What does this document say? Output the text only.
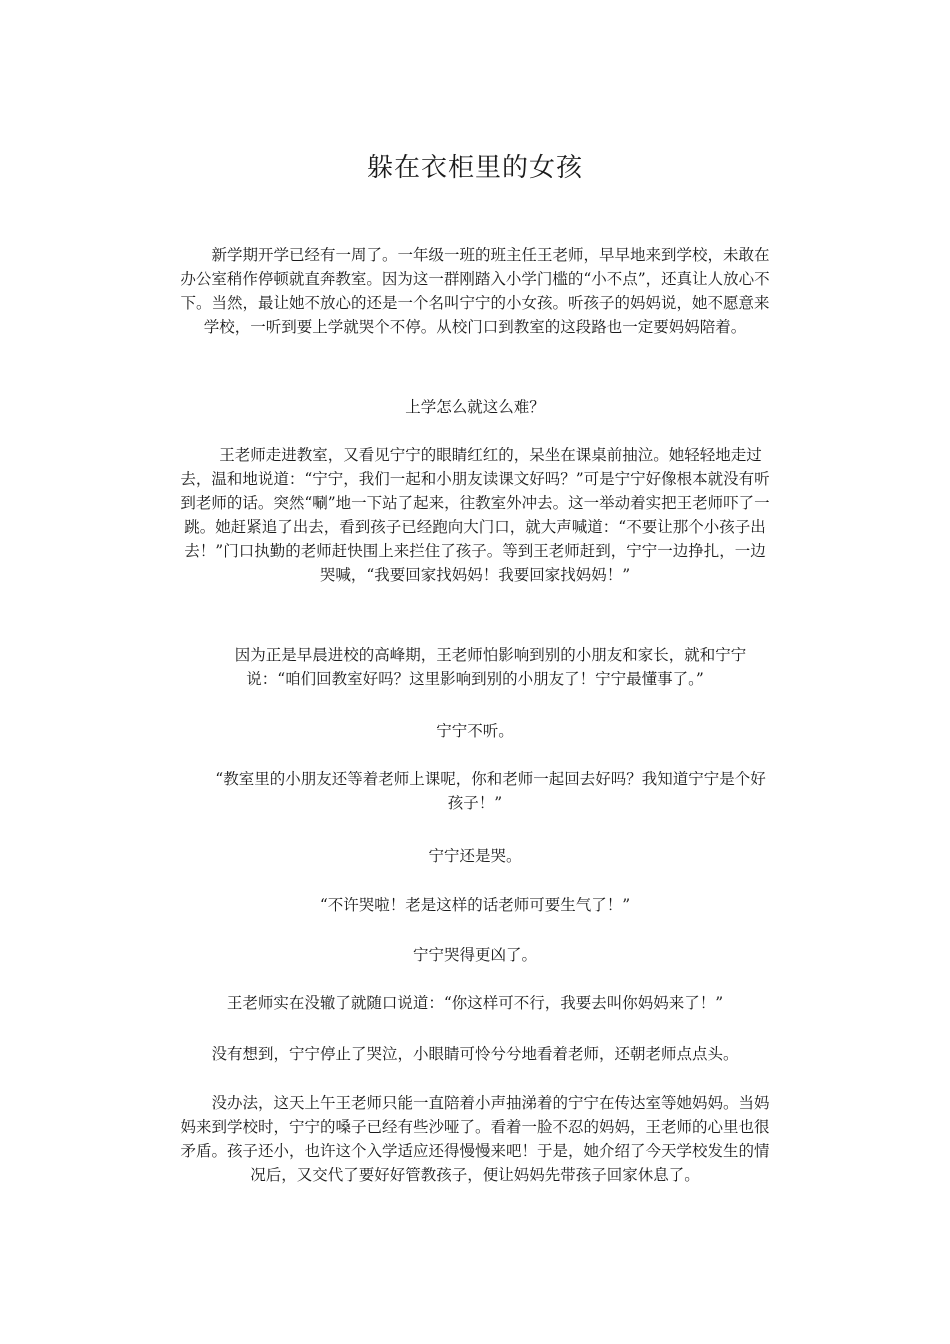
躲在衣柜里的女孩

新学期开学已经有一周了。一年级一班的班主任王老师，早早地来到学校，未敢在办公室稍作停顿就直奔教室。因为这一群刚踏入小学门槛的“小不点”，还真让人放心不下。当然，最让她不放心的还是一个名叫宁宁的小女孩。听孩子的妈妈说，她不愿意来学校，一听到要上学就哭个不停。从校门口到教室的这段路也一定要妈妈陪着。

上学怎么就这么难？

王老师走进教室，又看见宁宁的眼睛红红的，呆坐在课桌前抽泣。她轻轻地走过去，温和地说道：“宁宁，我们一起和小朋友读课文好吗？”可是宁宁好像根本就没有听到老师的话。突然“唰”地一下站了起来，往教室外冲去。这一举动着实把王老师吓了一跳。她赶紧追了出去，看到孩子已经跑向大门口，就大声喊道：“不要让那个小孩子出去！”门口执勤的老师赶快围上来拦住了孩子。等到王老师赶到，宁宁一边挣扎，一边哭喊，“我要回家找妈妈！我要回家找妈妈！”

因为正是早晨进校的高峰期，王老师怕影响到别的小朋友和家长，就和宁宁说：“咱们回教室好吗？这里影响到别的小朋友了！宁宁最懂事了。”

宁宁不听。

“教室里的小朋友还等着老师上课呢，你和老师一起回去好吗？我知道宁宁是个好孩子！”

宁宁还是哭。

“不许哭啦！老是这样的话老师可要生气了！”

宁宁哭得更凶了。

王老师实在没辙了就随口说道：“你这样可不行，我要去叫你妈妈来了！”

没有想到，宁宁停止了哭泣，小眼睛可怜兮兮地看着老师，还朝老师点点头。

没办法，这天上午王老师只能一直陪着小声抽涕着的宁宁在传达室等她妈妈。当妈妈来到学校时，宁宁的嗓子已经有些沙哑了。看着一脸不忍的妈妈，王老师的心里也很矛盾。孩子还小，也许这个入学适应还得慢慢来吧！于是，她介绍了今天学校发生的情况后，又交代了要好好管教孩子，便让妈妈先带孩子回家休息了。
